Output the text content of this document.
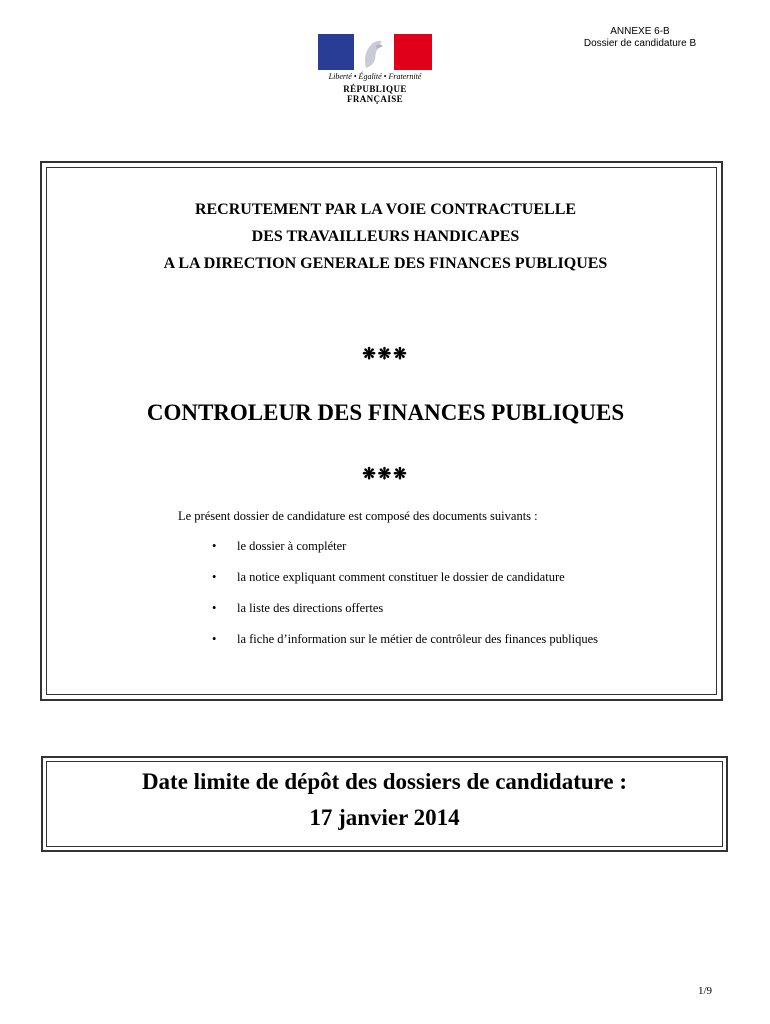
ANNEXE 6-B
Dossier de candidature B
Liberté • Égalité • Fraternité
RÉPUBLIQUE FRANÇAISE
RECRUTEMENT PAR LA VOIE CONTRACTUELLE
DES TRAVAILLEURS HANDICAPES
A LA DIRECTION GENERALE DES FINANCES PUBLIQUES
❋❋❋
CONTROLEUR DES FINANCES PUBLIQUES
❋❋❋
Le présent dossier de candidature est composé des documents suivants :
• le dossier à compléter
• la notice expliquant comment constituer le dossier de candidature
• la liste des directions offertes
• la fiche d’information sur le métier de contrôleur des finances publiques
Date limite de dépôt des dossiers de candidature :
17 janvier 2014
1/9
